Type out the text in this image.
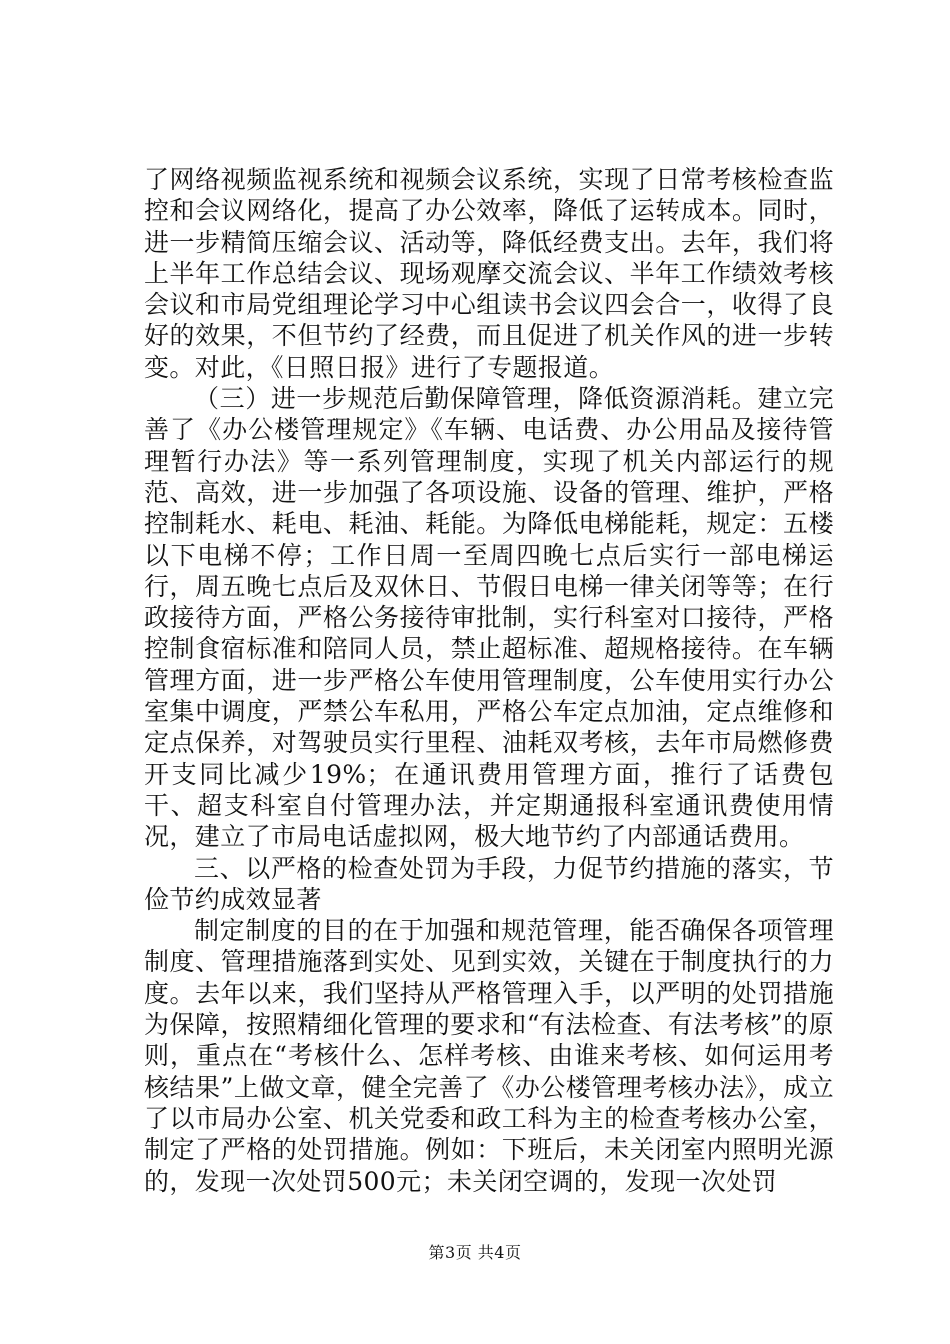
了网络视频监视系统和视频会议系统，实现了日常考核检查监控和会议网络化，提高了办公效率，降低了运转成本。同时，进一步精简压缩会议、活动等，降低经费支出。去年，我们将上半年工作总结会议、现场观摩交流会议、半年工作绩效考核会议和市局党组理论学习中心组读书会议四会合一，收得了良好的效果，不但节约了经费，而且促进了机关作风的进一步转变。对此，《日照日报》进行了专题报道。

（三）进一步规范后勤保障管理，降低资源消耗。建立完善了《办公楼管理规定》《车辆、电话费、办公用品及接待管理暂行办法》等一系列管理制度，实现了机关内部运行的规范、高效，进一步加强了各项设施、设备的管理、维护，严格控制耗水、耗电、耗油、耗能。为降低电梯能耗，规定：五楼以下电梯不停；工作日周一至周四晚七点后实行一部电梯运行，周五晚七点后及双休日、节假日电梯一律关闭等等；在行政接待方面，严格公务接待审批制，实行科室对口接待，严格控制食宿标准和陪同人员，禁止超标准、超规格接待。在车辆管理方面，进一步严格公车使用管理制度，公车使用实行办公室集中调度，严禁公车私用，严格公车定点加油，定点维修和定点保养，对驾驶员实行里程、油耗双考核，去年市局燃修费开支同比减少19%；在通讯费用管理方面，推行了话费包干、超支科室自付管理办法，并定期通报科室通讯费使用情况，建立了市局电话虚拟网，极大地节约了内部通话费用。

三、以严格的检查处罚为手段，力促节约措施的落实，节俭节约成效显著

制定制度的目的在于加强和规范管理，能否确保各项管理制度、管理措施落到实处、见到实效，关键在于制度执行的力度。去年以来，我们坚持从严格管理入手，以严明的处罚措施为保障，按照精细化管理的要求和“有法检查、有法考核”的原则，重点在“考核什么、怎样考核、由谁来考核、如何运用考核结果”上做文章，健全完善了《办公楼管理考核办法》，成立了以市局办公室、机关党委和政工科为主的检查考核办公室，制定了严格的处罚措施。例如：下班后，未关闭室内照明光源的，发现一次处罚500元；未关闭空调的，发现一次处罚

第3页 共4页
